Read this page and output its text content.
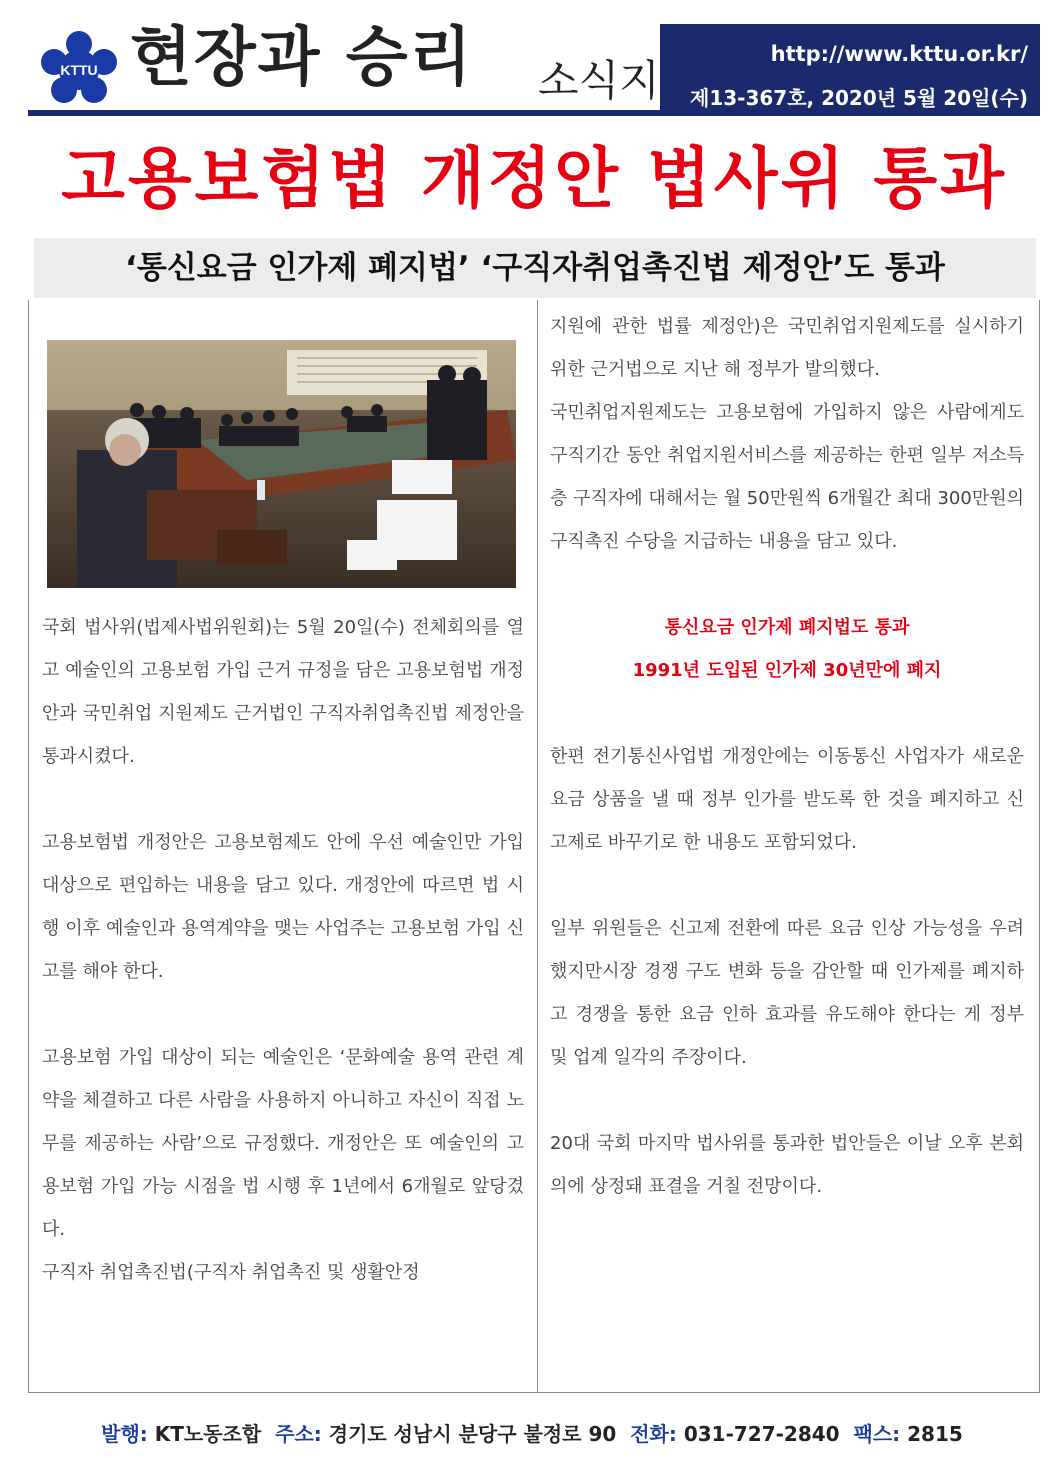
KTTU 현장과 승리 소식지
http://www.kttu.or.kr/
제13-367호, 2020년 5월 20일(수)
고용보험법 개정안 법사위 통과
‘통신요금 인가제 폐지법’ ‘구직자취업촉진법 제정안’도 통과

국회 법사위(법제사법위원회)는 5월 20일(수) 전체회의를 열고 예술인의 고용보험 가입 근거 규정을 담은 고용보험법 개정안과 국민취업 지원제도 근거법인 구직자취업촉진법 제정안을 통과시켰다.

고용보험법 개정안은 고용보험제도 안에 우선 예술인만 가입 대상으로 편입하는 내용을 담고 있다. 개정안에 따르면 법 시행 이후 예술인과 용역계약을 맺는 사업주는 고용보험 가입 신고를 해야 한다.

고용보험 가입 대상이 되는 예술인은 ‘문화예술 용역 관련 계약을 체결하고 다른 사람을 사용하지 아니하고 자신이 직접 노무를 제공하는 사람’으로 규정했다. 개정안은 또 예술인의 고용보험 가입 가능 시점을 법 시행 후 1년에서 6개월로 앞당겼다.

구직자 취업촉진법(구직자 취업촉진 및 생활안정

지원에 관한 법률 제정안)은 국민취업지원제도를 실시하기 위한 근거법으로 지난 해 정부가 발의했다.

국민취업지원제도는 고용보험에 가입하지 않은 사람에게도 구직기간 동안 취업지원서비스를 제공하는 한편 일부 저소득층 구직자에 대해서는 월 50만원씩 6개월간 최대 300만원의 구직촉진 수당을 지급하는 내용을 담고 있다.

통신요금 인가제 폐지법도 통과

1991년 도입된 인가제 30년만에 폐지

한편 전기통신사업법 개정안에는 이동통신 사업자가 새로운 요금 상품을 낼 때 정부 인가를 받도록 한 것을 폐지하고 신고제로 바꾸기로 한 내용도 포함되었다.

일부 위원들은 신고제 전환에 따른 요금 인상 가능성을 우려했지만시장 경쟁 구도 변화 등을 감안할 때 인가제를 폐지하고 경쟁을 통한 요금 인하 효과를 유도해야 한다는 게 정부 및 업계 일각의 주장이다.

20대 국회 마지막 법사위를 통과한 법안들은 이날 오후 본회의에 상정돼 표결을 거칠 전망이다.

발행: KT노동조합 주소: 경기도 성남시 분당구 불정로 90 전화: 031-727-2840 팩스: 2815
